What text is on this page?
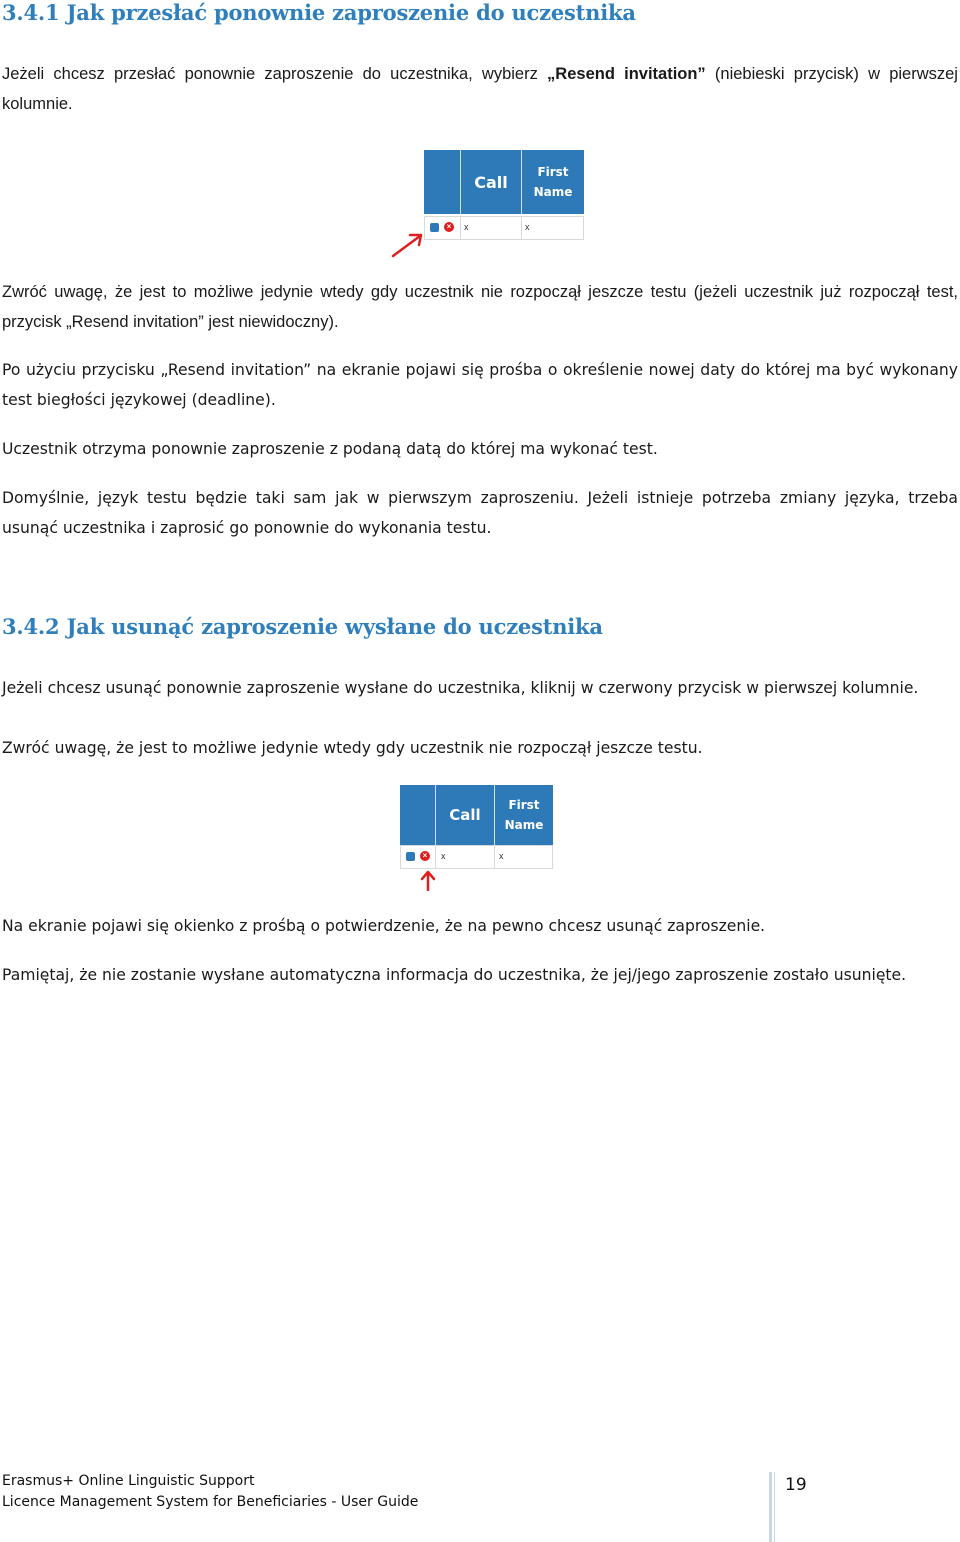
3.4.1 Jak przesłać ponownie zaproszenie do uczestnika

Jeżeli chcesz przesłać ponownie zaproszenie do uczestnika, wybierz „Resend invitation” (niebieski przycisk) w pierwszej kolumnie.

Call
First
Name
× x	x

Zwróć uwagę, że jest to możliwe jedynie wtedy gdy uczestnik nie rozpoczął jeszcze testu (jeżeli uczestnik już rozpoczął test, przycisk „Resend invitation” jest niewidoczny).

Po użyciu przycisku „Resend invitation” na ekranie pojawi się prośba o określenie nowej daty do której ma być wykonany test biegłości językowej (deadline).

Uczestnik otrzyma ponownie zaproszenie z podaną datą do której ma wykonać test.

Domyślnie, język testu będzie taki sam jak w pierwszym zaproszeniu. Jeżeli istnieje potrzeba zmiany języka, trzeba usunąć uczestnika i zaprosić go ponownie do wykonania testu.

3.4.2 Jak usunąć zaproszenie wysłane do uczestnika

Jeżeli chcesz usunąć ponownie zaproszenie wysłane do uczestnika, kliknij w czerwony przycisk w pierwszej kolumnie.

Zwróć uwagę, że jest to możliwe jedynie wtedy gdy uczestnik nie rozpoczął jeszcze testu.

Call
First
Name
× x	x

Na ekranie pojawi się okienko z prośbą o potwierdzenie, że na pewno chcesz usunąć zaproszenie.

Pamiętaj, że nie zostanie wysłane automatyczna informacja do uczestnika, że jej/jego zaproszenie zostało usunięte.

Erasmus+ Online Linguistic Support
Licence Management System for Beneficiaries - User Guide
19
